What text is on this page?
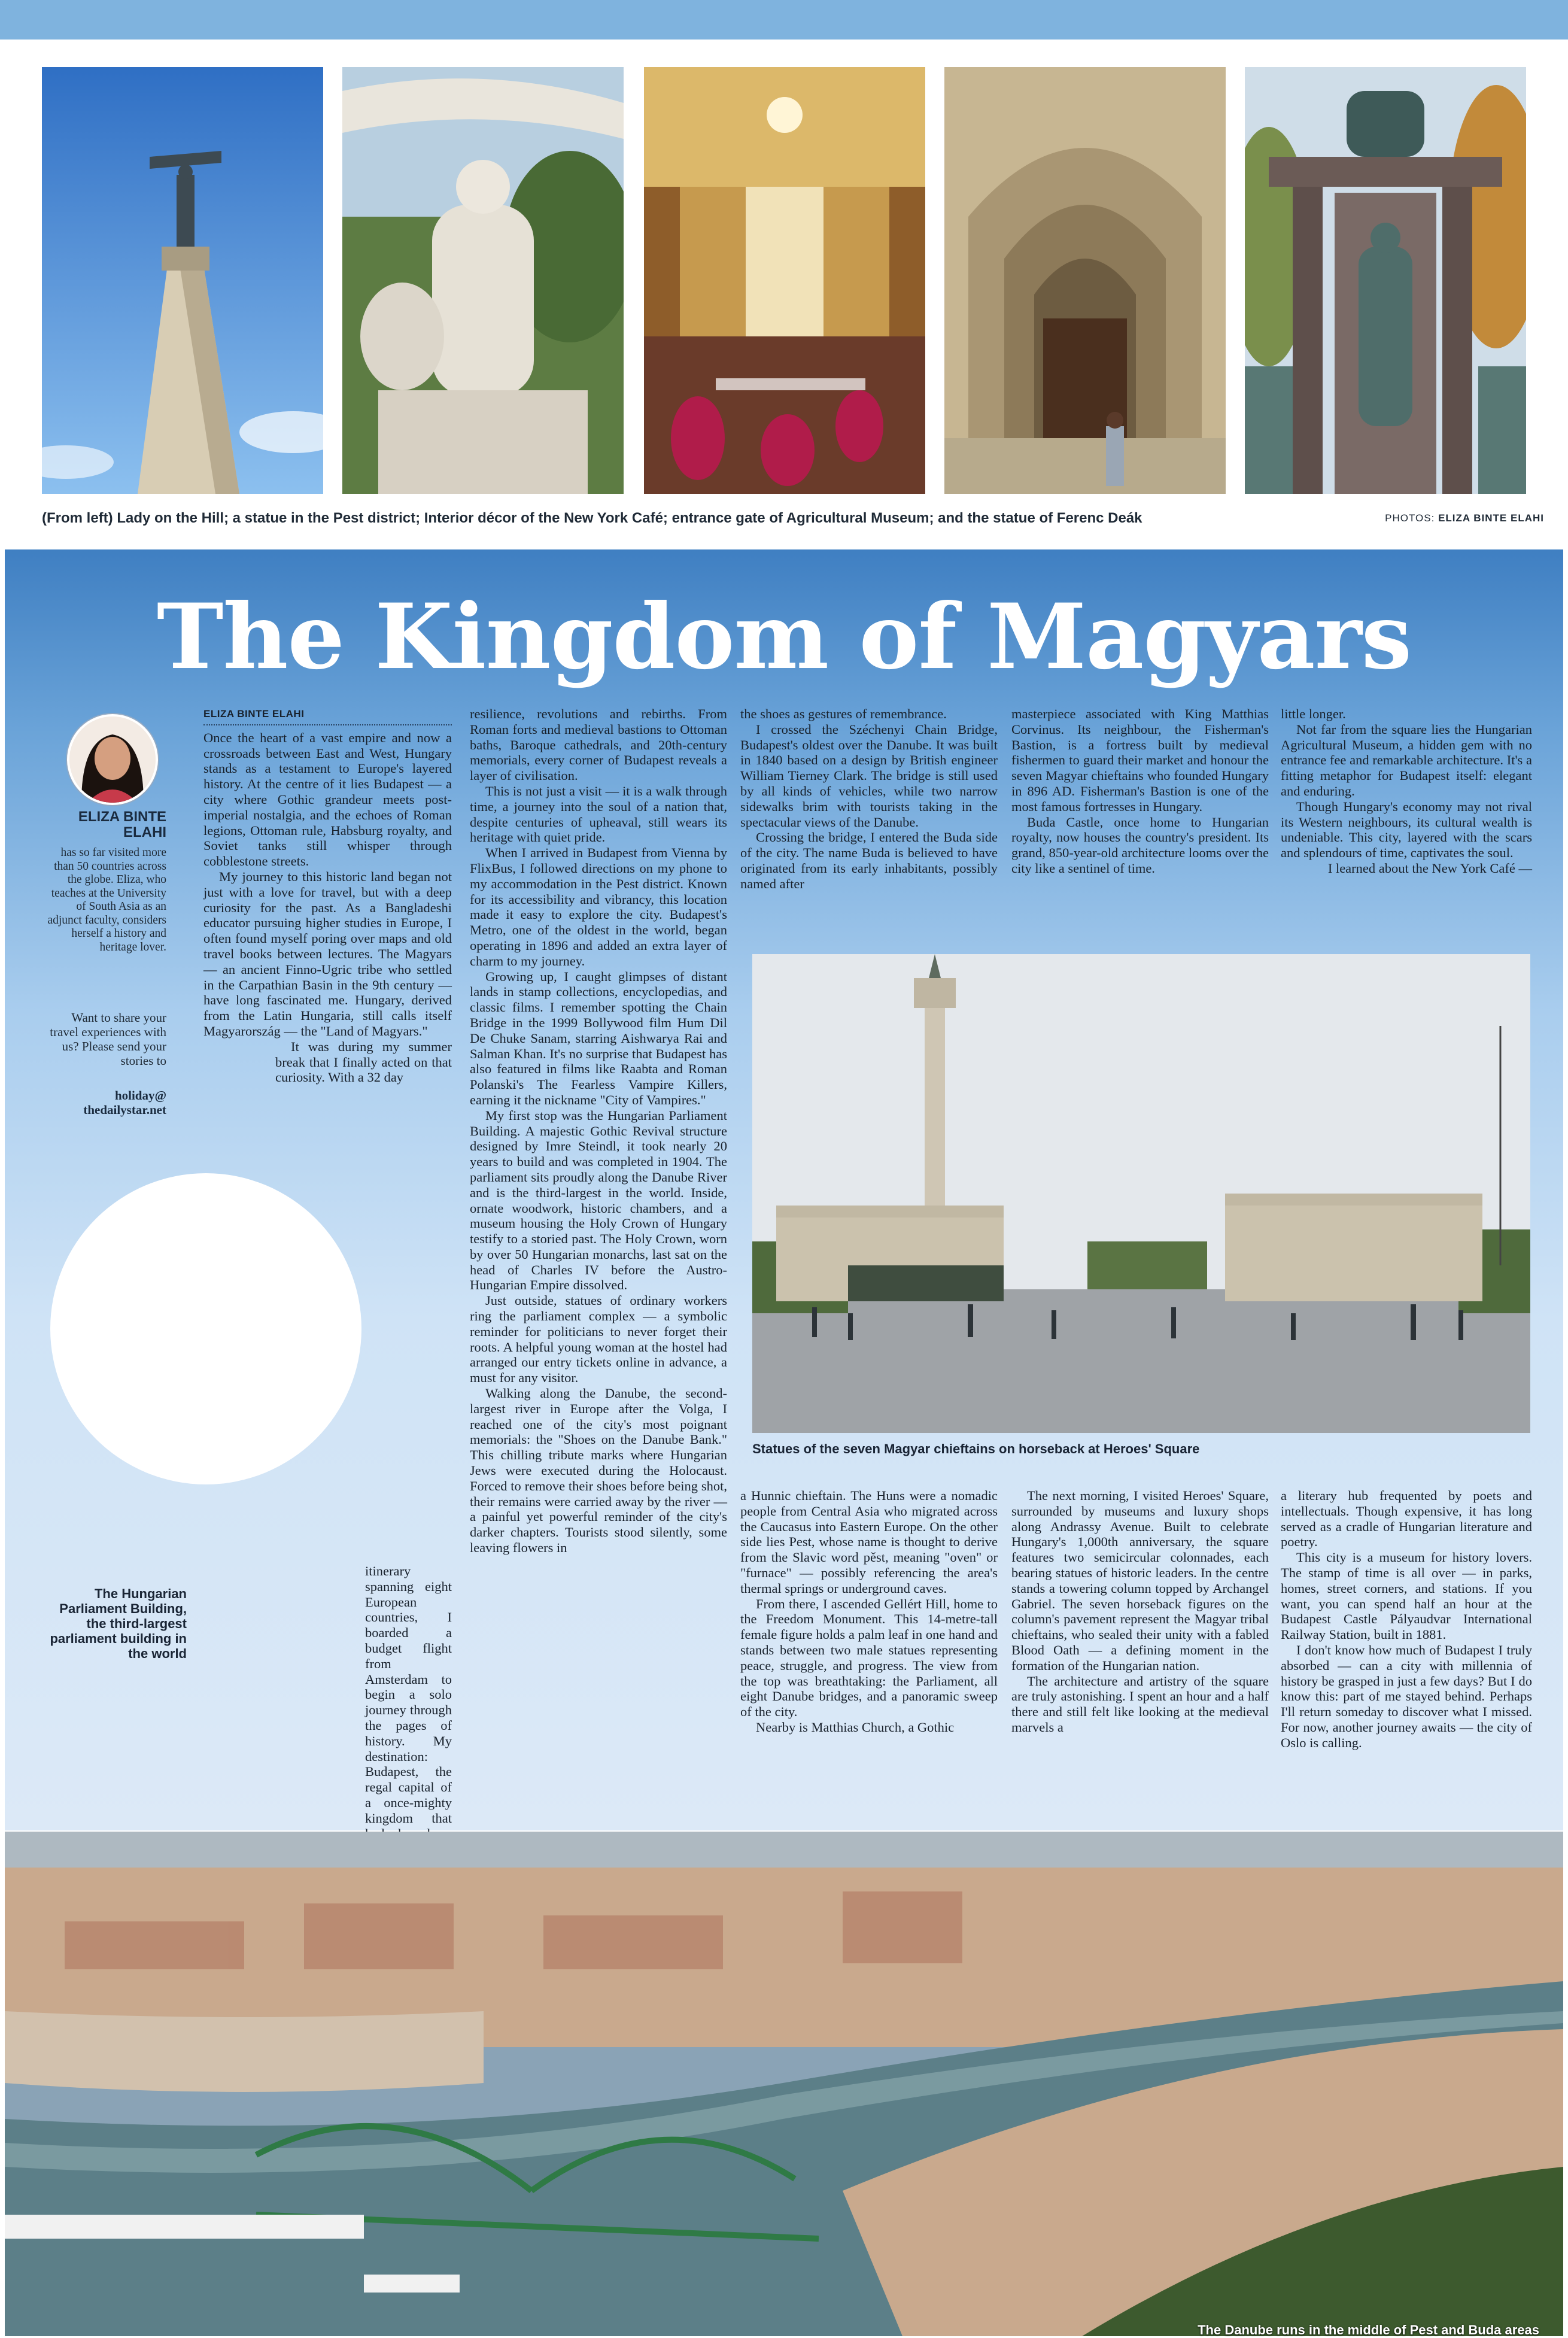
(From left) Lady on the Hill; a statue in the Pest district; Interior décor of the New York Café; entrance gate of Agricultural Museum; and the statue of Ferenc Deák	PHOTOS: ELIZA BINTE ELAHI
The Kingdom of Magyars
ELIZA BINTE ELAHI
has so far visited more than 50 countries across the globe. Eliza, who teaches at the University of South Asia as an adjunct faculty, considers herself a history and heritage lover.
Want to share your travel experiences with us? Please send your stories to
holiday@ thedailystar.net
The Hungarian Parliament Building, the third-largest parliament building in the world
ELIZA BINTE ELAHI

Once the heart of a vast empire and now a crossroads between East and West, Hungary stands as a testament to Europe's layered history. At the centre of it lies Budapest — a city where Gothic grandeur meets post-imperial nostalgia, and the echoes of Roman legions, Ottoman rule, Habsburg royalty, and Soviet tanks still whisper through cobblestone streets.

My journey to this historic land began not just with a love for travel, but with a deep curiosity for the past. As a Bangladeshi educator pursuing higher studies in Europe, I often found myself poring over maps and old travel books between lectures. The Magyars — an ancient Finno-Ugric tribe who settled in the Carpathian Basin in the 9th century — have long fascinated me. Hungary, derived from the Latin Hungaria, still calls itself Magyarország — the "Land of Magyars."

It was during my summer break that I finally acted on that curiosity. With a 32 day

itinerary spanning eight European countries, I boarded a budget flight from Amsterdam to begin a solo journey through the pages of history. My destination: Budapest, the regal capital of a once-mighty kingdom that

resilience, revolutions and rebirths. From Roman forts and medieval bastions to Ottoman baths, Baroque cathedrals, and 20th-century memorials, every corner of Budapest reveals a layer of civilisation.

This is not just a visit — it is a walk through time, a journey into the soul of a nation that, despite centuries of upheaval, still wears its heritage with quiet pride.

When I arrived in Budapest from Vienna by FlixBus, I followed directions on my phone to my accommodation in the Pest district. Known for its accessibility and vibrancy, this location made it easy to explore the city. Budapest's Metro, one of the oldest in the world, began operating in 1896 and added an extra layer of charm to my journey.

Growing up, I caught glimpses of distant lands in stamp collections, encyclopedias, and classic films. I remember spotting the Chain Bridge in the 1999 Bollywood film Hum Dil De Chuke Sanam, starring Aishwarya Rai and Salman Khan. It's no surprise that Budapest has also featured in films like Raabta and Roman Polanski's The Fearless Vampire Killers, earning it the nickname "City of Vampires."

My first stop was the Hungarian Parliament Building. A majestic Gothic Revival structure designed by Imre Steindl, it took nearly 20 years to build and was completed in 1904. The parliament sits proudly along the Danube River and is the third-largest in the world. Inside, ornate woodwork, historic chambers, and a museum housing the Holy Crown of Hungary testify to a storied past. The Holy Crown, worn by over 50 Hungarian monarchs, last sat on the head of Charles IV before the Austro-Hungarian Empire dissolved.

Just outside, statues of ordinary workers ring the parliament complex — a symbolic reminder for politicians to never forget their roots. A helpful young woman at the hostel had arranged our entry tickets online in advance, a must for any visitor.

Walking along the Danube, the second-largest river in Europe after the Volga, I reached one of the city's most poignant memorials: the "Shoes on the Danube Bank." This chilling tribute marks where Hungarian Jews were executed during the Holocaust. Forced to remove their shoes before being shot, their remains were carried away by the river — a painful yet powerful reminder of the city's darker chapters. Tourists stood silently, some leaving flowers in

the shoes as gestures of remembrance.

I crossed the Széchenyi Chain Bridge, Budapest's oldest over the Danube. It was built in 1840 based on a design by British engineer William Tierney Clark. The bridge is still used by all kinds of vehicles, while two narrow sidewalks brim with tourists taking in the spectacular views of the Danube.

Crossing the bridge, I entered the Buda side of the city. The name Buda is believed to have originated from its early inhabitants, possibly named after

a Hunnic chieftain. The Huns were a nomadic people from Central Asia who migrated across the Caucasus into Eastern Europe. On the other side lies Pest, whose name is thought to derive from the Slavic word pěst, meaning "oven" or "furnace" — possibly referencing the area's thermal springs or underground caves.

From there, I ascended Gellért Hill, home to the Freedom Monument. This 14-metre-tall female figure holds a palm leaf in one hand and stands between two male statues representing peace, struggle, and progress. The view from the top was breathtaking: the Parliament, all eight Danube bridges, and a panoramic sweep of the city.

Nearby is Matthias Church, a Gothic

masterpiece associated with King Matthias Corvinus. Its neighbour, the Fisherman's Bastion, is a fortress built by medieval fishermen to guard their market and honour the seven Magyar chieftains who founded Hungary in 896 AD. Fisherman's Bastion is one of the most famous fortresses in Hungary.

Buda Castle, once home to Hungarian royalty, now houses the country's president. Its grand, 850-year-old architecture looms over the city like a sentinel of time.

The next morning, I visited Heroes' Square, surrounded by museums and luxury shops along Andrassy Avenue. Built to celebrate Hungary's 1,000th anniversary, the square features two semicircular colonnades, each bearing statues of historic leaders. In the centre stands a towering column topped by Archangel Gabriel. The seven horseback figures on the column's pavement represent the Magyar tribal chieftains, who sealed their unity with a fabled Blood Oath — a defining moment in the formation of the Hungarian nation.

The architecture and artistry of the square are truly astonishing. I spent an hour and a half there and still felt like looking at the medieval marvels a

little longer.

Not far from the square lies the Hungarian Agricultural Museum, a hidden gem with no entrance fee and remarkable architecture. It's a fitting metaphor for Budapest itself: elegant and enduring.

Though Hungary's economy may not rival its Western neighbours, its cultural wealth is undeniable. This city, layered with the scars and splendours of time, captivates the soul.

I learned about the New York Café —

a literary hub frequented by poets and intellectuals. Though expensive, it has long served as a cradle of Hungarian literature and poetry.

This city is a museum for history lovers. The stamp of time is all over — in parks, homes, street corners, and stations. If you want, you can spend half an hour at the Budapest Castle Pályaudvar International Railway Station, built in 1881.

I don't know how much of Budapest I truly absorbed — can a city with millennia of history be grasped in just a few days? But I do know this: part of me stayed behind. Perhaps I'll return someday to discover what I missed. For now, another journey awaits — the city of Oslo is calling.

Statues of the seven Magyar chieftains on horseback at Heroes' Square
The Danube runs in the middle of Pest and Buda areas
